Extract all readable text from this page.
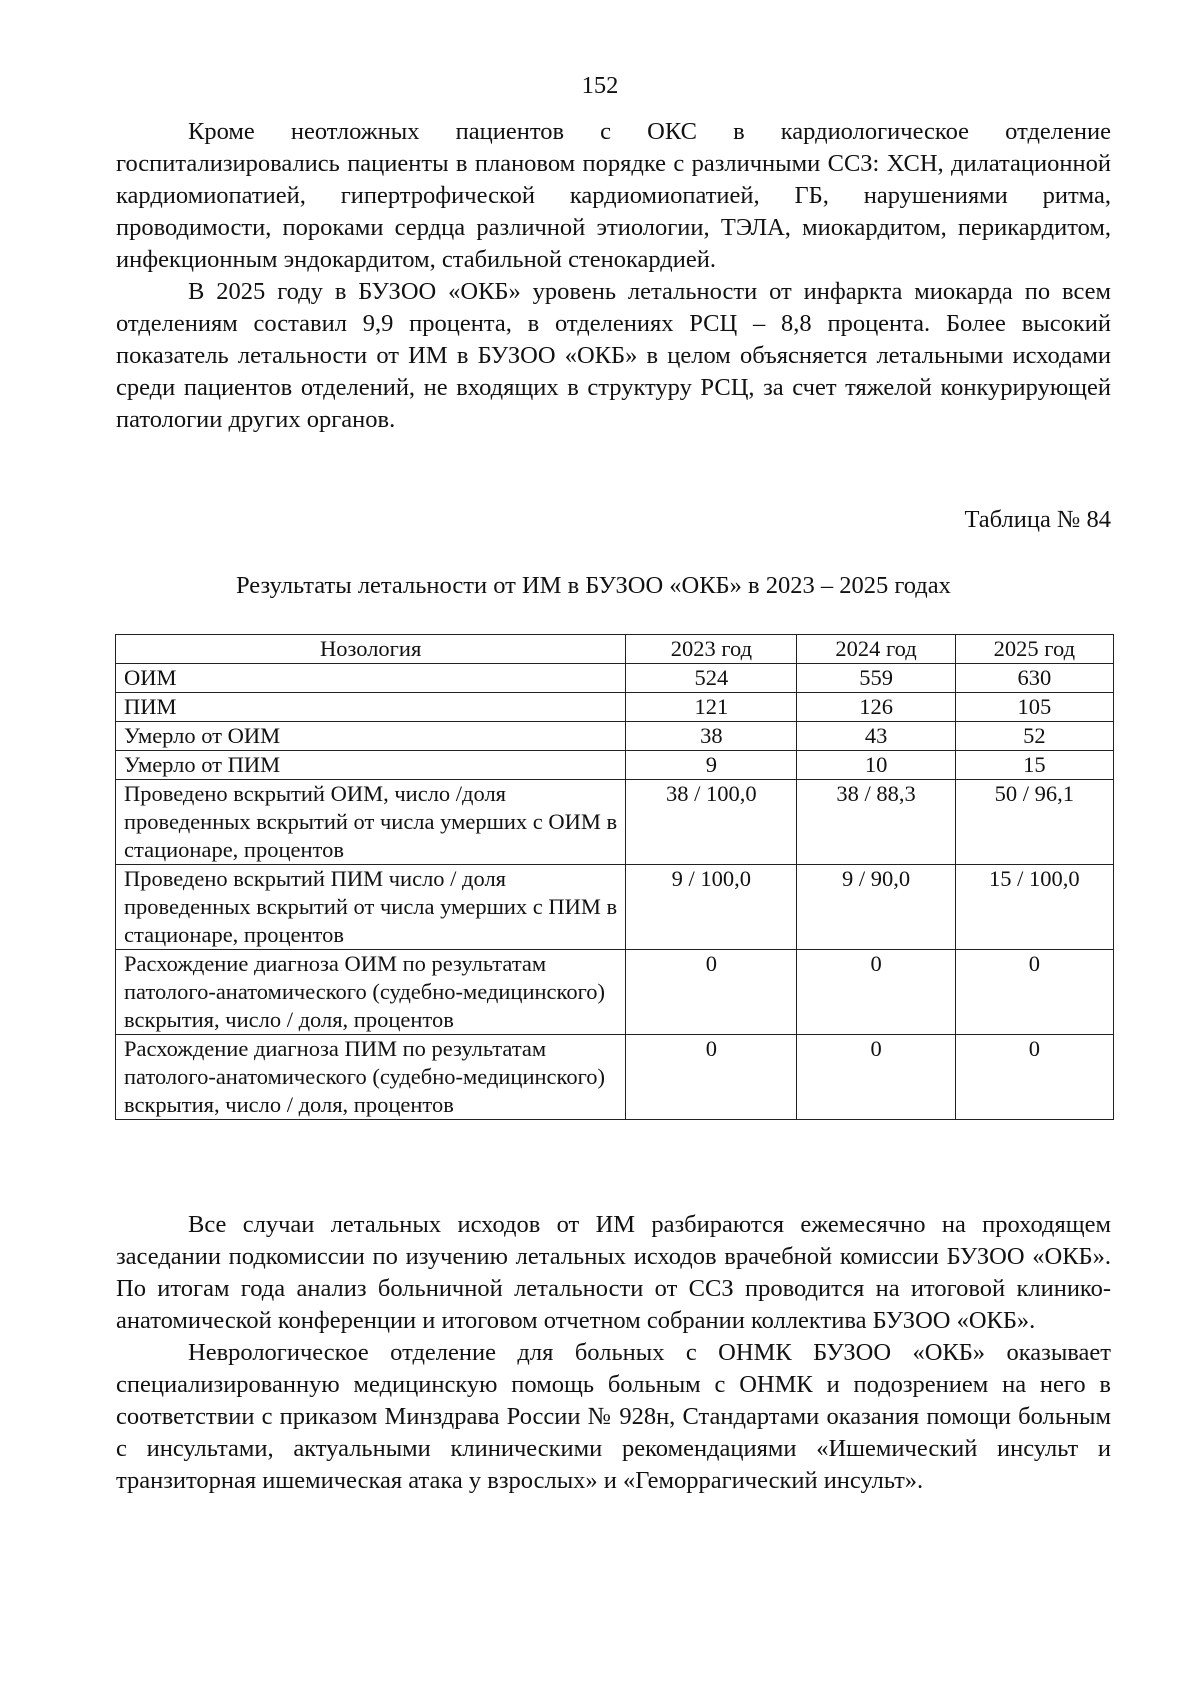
152

Кроме неотложных пациентов с ОКС в кардиологическое отделение госпитализировались пациенты в плановом порядке с различными ССЗ: ХСН, дилатационной кардиомиопатией, гипертрофической кардиомиопатией, ГБ, нарушениями ритма, проводимости, пороками сердца различной этиологии, ТЭЛА, миокардитом, перикардитом, инфекционным эндокардитом, стабильной стенокардией.

В 2025 году в БУЗОО «ОКБ» уровень летальности от инфаркта миокарда по всем отделениям составил 9,9 процента, в отделениях РСЦ – 8,8 процента. Более высокий показатель летальности от ИМ в БУЗОО «ОКБ» в целом объясняется летальными исходами среди пациентов отделений, не входящих в структуру РСЦ, за счет тяжелой конкурирующей патологии других органов.

Таблица № 84
Результаты летальности от ИМ в БУЗОО «ОКБ» в 2023 – 2025 годах
Нозология	2023 год	2024 год	2025 год
ОИМ	524	559	630
ПИМ	121	126	105
Умерло от ОИМ	38	43	52
Умерло от ПИМ	9	10	15
Проведено вскрытий ОИМ, число /доля проведенных вскрытий от числа умерших с ОИМ в стационаре, процентов	38 / 100,0	38 / 88,3	50 / 96,1
Проведено вскрытий ПИМ число / доля проведенных вскрытий от числа умерших с ПИМ в стационаре, процентов	9 / 100,0	9 / 90,0	15 / 100,0
Расхождение диагноза ОИМ по результатам патолого-анатомического (судебно-медицинского) вскрытия, число / доля, процентов	0	0	0
Расхождение диагноза ПИМ по результатам патолого-анатомического (судебно-медицинского) вскрытия, число / доля, процентов	0	0	0

Все случаи летальных исходов от ИМ разбираются ежемесячно на проходящем заседании подкомиссии по изучению летальных исходов врачебной комиссии БУЗОО «ОКБ». По итогам года анализ больничной летальности от ССЗ проводится на итоговой клинико-анатомической конференции и итоговом отчетном собрании коллектива БУЗОО «ОКБ».

Неврологическое отделение для больных с ОНМК БУЗОО «ОКБ» оказывает специализированную медицинскую помощь больным с ОНМК и подозрением на него в соответствии с приказом Минздрава России № 928н, Стандартами оказания помощи больным с инсультами, актуальными клиническими рекомендациями «Ишемический инсульт и транзиторная ишемическая атака у взрослых» и «Геморрагический инсульт».
